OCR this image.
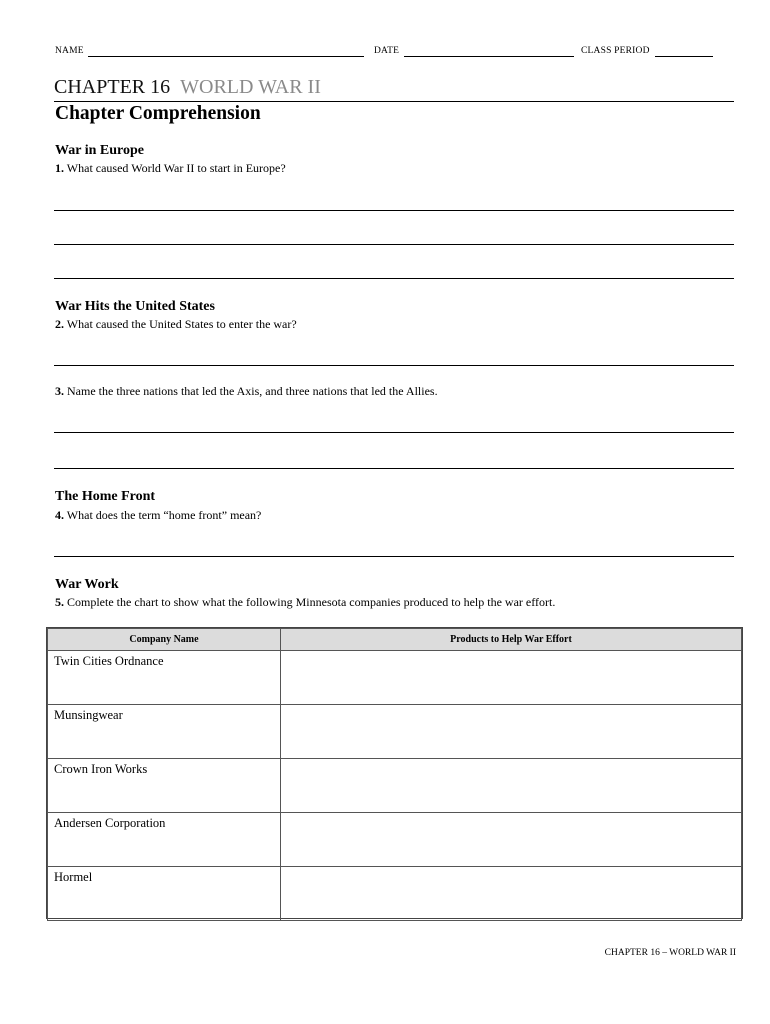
NAME	DATE	CLASS PERIOD
CHAPTER 16 WORLD WAR II
Chapter Comprehension
War in Europe
1. What caused World War II to start in Europe?
War Hits the United States
2. What caused the United States to enter the war?
3. Name the three nations that led the Axis, and three nations that led the Allies.
The Home Front
4. What does the term “home front” mean?
War Work
5. Complete the chart to show what the following Minnesota companies produced to help the war effort.
Company Name	Products to Help War Effort
Twin Cities Ordnance	
Munsingwear	
Crown Iron Works	
Andersen Corporation	
Hormel	
CHAPTER 16 – WORLD WAR II
